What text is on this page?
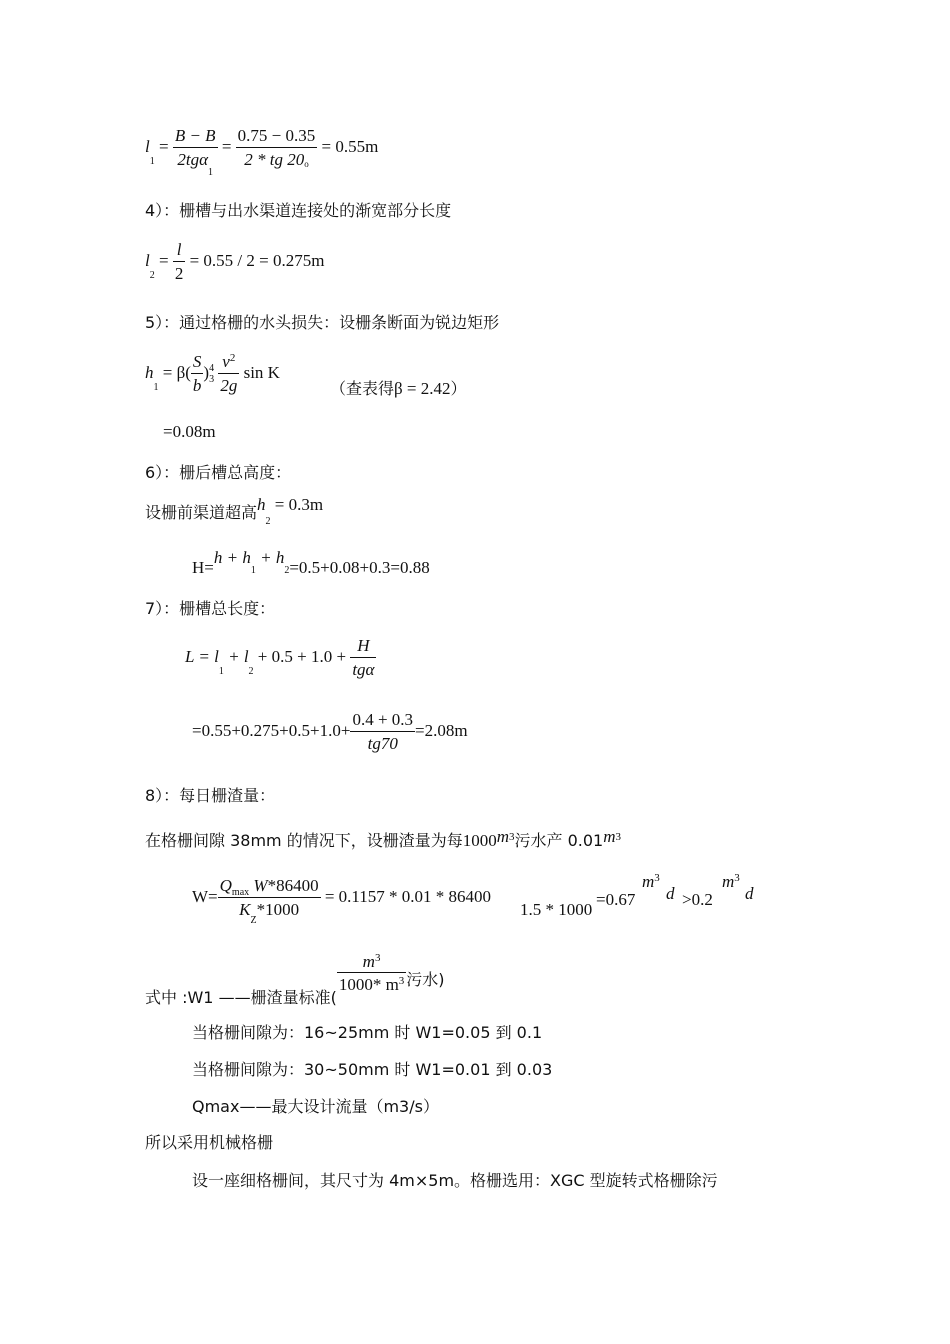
$l_1 = \frac{B - B}{2tg\alpha_1} = \frac{0.75 - 0.35}{2 * tg 20o} = 0.55m$
4）：栅槽与出水渠道连接处的渐宽部分长度
$l_2 = \frac{l}{2} = 0.55 / 2 = 0.275m$
5）：通过格栅的水头损失：设栅条断面为锐边矩形
$h_1 = \beta( \frac{S}{b}$ ) 4
3
$\frac{v^2}{2g}$ sin K
（查表得β = 2.42）
=0.08m
6）：栅后槽总高度：
设栅前渠道超高$h_2 = 0.3m$
$H=h + h_1 + h_2=0.5+0.08+0.3=0.88$
7）：栅槽总长度：
$L = l_1 + l_2 + 0.5 + 1.0 + \frac{H}{\text{tgα}}$
$=0.55+0.275+0.5+1.0+ \frac{0.4 + 0.3}{tg70} =2.08m$
8）：每日栅渣量：
在格栅间隙 38mm 的情况下，设栅渣量为每$1000m^3$污水产 $0.01m^3$
$W= \frac{Q_{max} W*86400}{K_Z*1000} = 0.1157 * 0.01 * 86400$
1.5 * 1000
=0.67
$m^3$
d >0.2
$m^3$
d
式中 :W1 ——栅渣量标准(
$\frac{m^3}{1000* m^3}$ 污水)
当格栅间隙为：16~25mm 时 W1=0.05 到 0.1
当格栅间隙为：30~50mm 时 W1=0.01 到 0.03
Qmax——最大设计流量（m3/s）
所以采用机械格栅
设一座细格栅间，其尺寸为 4m×5m。格栅选用：XGC 型旋转式格栅除污
